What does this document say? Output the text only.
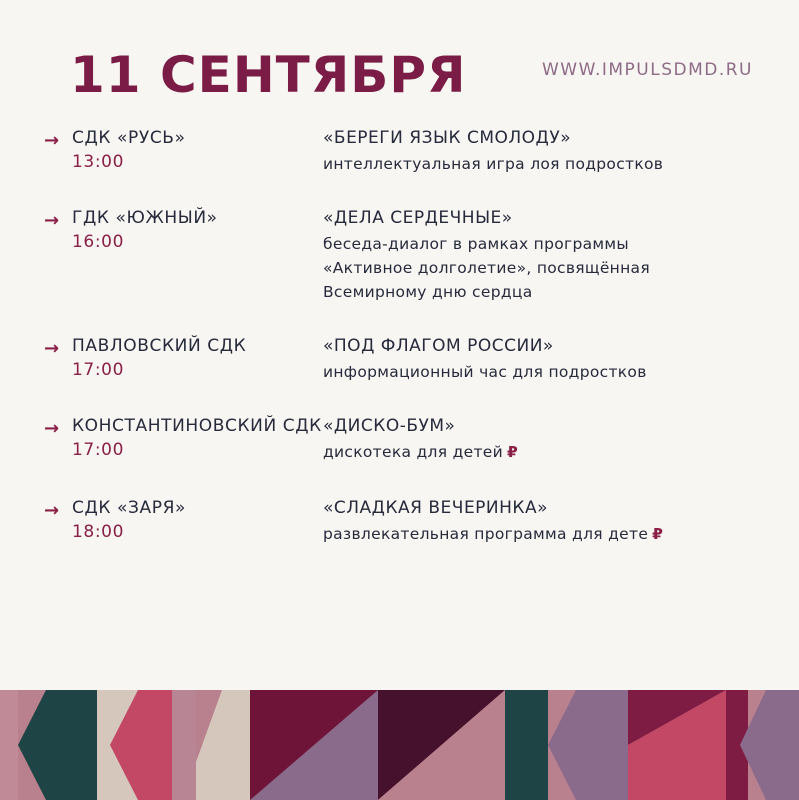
11 СЕНТЯБРЯ	WWW.IMPULSDMD.RU
→ СДК «РУСЬ»
13:00
«БЕРЕГИ ЯЗЫК СМОЛОДУ»
интеллектуальная игра лоя подростков
→ ГДК «ЮЖНЫЙ»
16:00
«ДЕЛА СЕРДЕЧНЫЕ»
беседа-диалог в рамках программы
«Активное долголетие», посвящённая
Всемирному дню сердца
→ ПАВЛОВСКИЙ СДК
17:00
«ПОД ФЛАГОМ РОССИИ»
информационный час для подростков
→ КОНСТАНТИНОВСКИЙ СДК
17:00
«ДИСКО-БУМ»
дискотека для детей ₽
→ СДК «ЗАРЯ»
18:00
«СЛАДКАЯ ВЕЧЕРИНКА»
развлекательная программа для дете ₽
